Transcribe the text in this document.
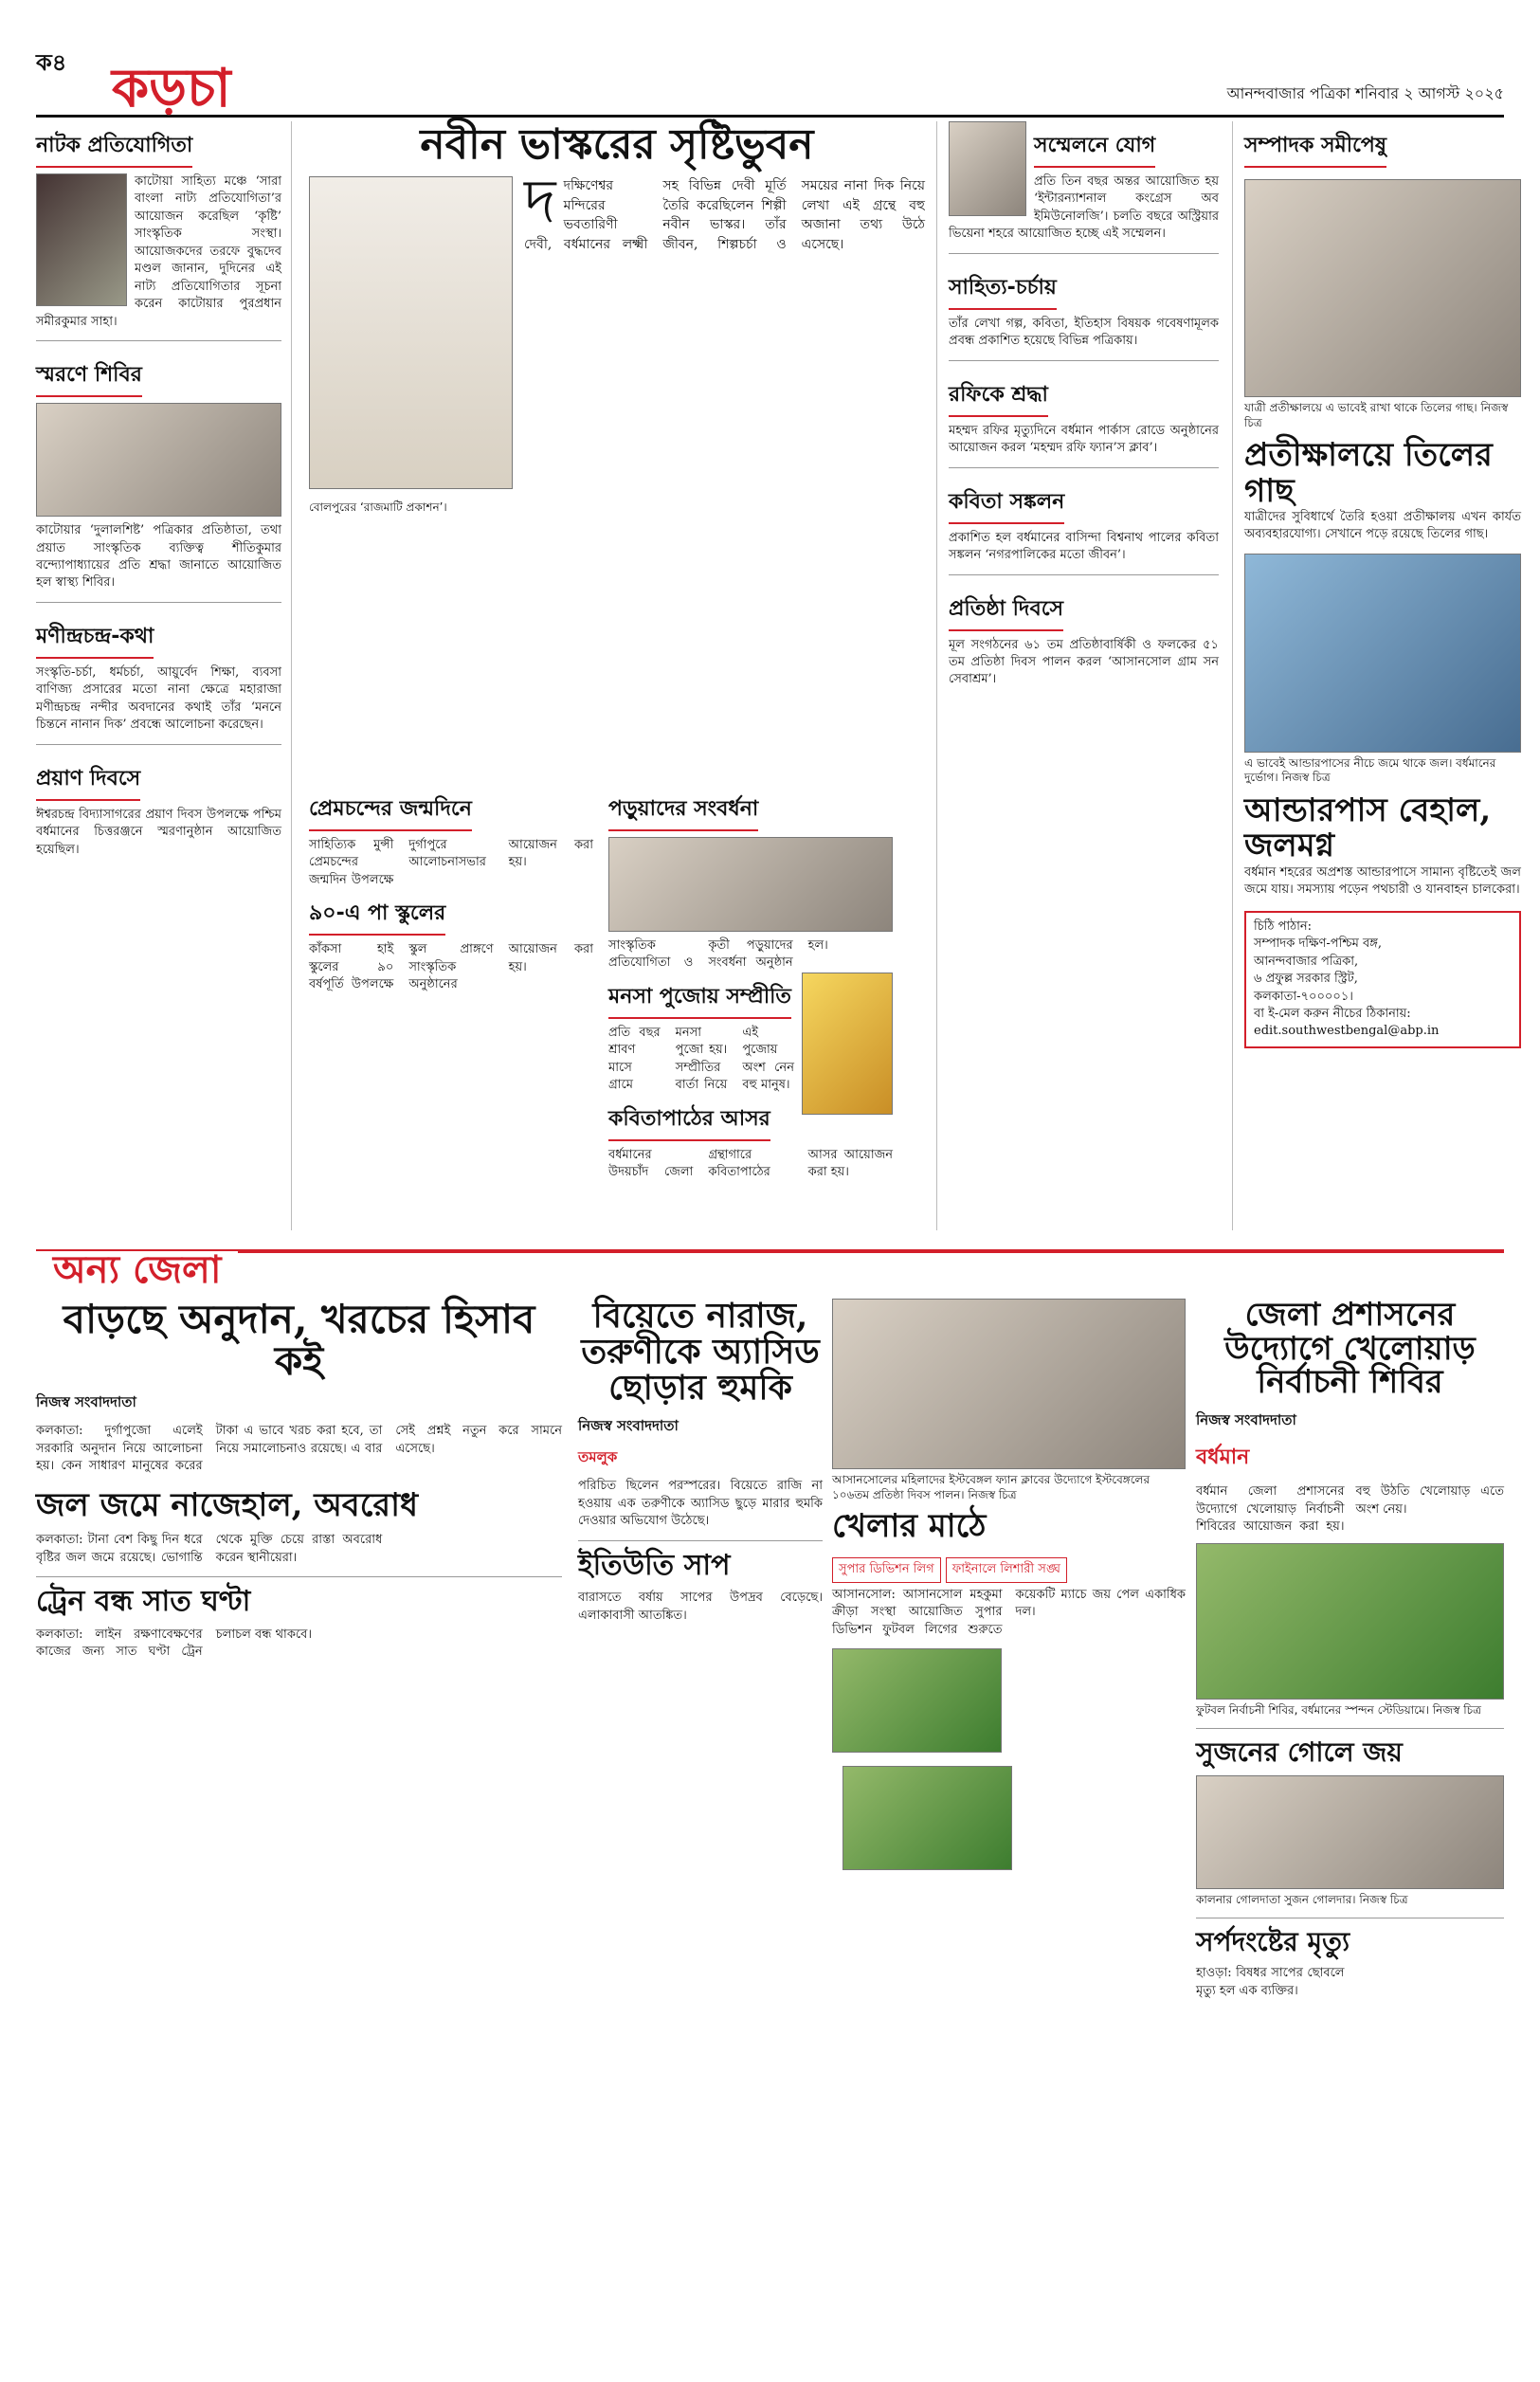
ক৪ কড়চা	আনন্দবাজার পত্রিকা শনিবার ২ আগস্ট ২০২৫
নাটক প্রতিযোগিতা
কাটোয়া সাহিত্য মঞ্চে ‘সারা বাংলা নাট্য প্রতিযোগিতা’র আয়োজন করেছিল ‘কৃষ্টি’ সাংস্কৃতিক সংস্থা। আয়োজকদের তরফে বুদ্ধদেব মণ্ডল জানান, দুদিনের এই নাট্য প্রতিযোগিতার সূচনা করেন কাটোয়ার পুরপ্রধান সমীরকুমার সাহা।
স্মরণে শিবির
কাটোয়ার ‘দুলালশিষ্ট’ পত্রিকার প্রতিষ্ঠাতা, তথা প্রয়াত সাংস্কৃতিক ব্যক্তিত্ব শীতিকুমার বন্দ্যোপাধ্যায়ের প্রতি শ্রদ্ধা জানাতে আয়োজিত হল স্বাস্থ্য শিবির।
মণীন্দ্রচন্দ্র-কথা
সংস্কৃতি-চর্চা, ধর্মচর্চা, আয়ুর্বেদ শিক্ষা, ব্যবসা বাণিজ্য প্রসারের মতো নানা ক্ষেত্রে মহারাজা মণীন্দ্রচন্দ্র নন্দীর অবদানের কথাই তাঁর ‘মননে চিন্তনে নানান দিক’ প্রবন্ধে আলোচনা করেছেন।
প্রয়াণ দিবসে
ঈশ্বরচন্দ্র বিদ্যাসাগরের প্রয়াণ দিবস উপলক্ষে পশ্চিম বর্ধমানের চিত্তরঞ্জনে স্মরণানুষ্ঠান আয়োজিত হয়েছিল।
নবীন ভাস্করের সৃষ্টিভুবন
বোলপুরের ‘রাজমাটি প্রকাশন’।
দ দক্ষিণেশ্বর মন্দিরের ভবতারিণী দেবী, বর্ধমানের লক্ষ্মী সহ বিভিন্ন দেবী মূর্তি তৈরি করেছিলেন শিল্পী নবীন ভাস্কর। তাঁর জীবন, শিল্পচর্চা ও সময়ের নানা দিক নিয়ে লেখা এই গ্রন্থে বহু অজানা তথ্য উঠে এসেছে।
প্রেমচন্দের জন্মদিনে
সাহিত্যিক মুন্সী প্রেমচন্দের জন্মদিন উপলক্ষে দুর্গাপুরে আলোচনাসভার আয়োজন করা হয়।
৯০-এ পা স্কুলের
কাঁকসা হাই স্কুলের ৯০ বর্ষপূর্তি উপলক্ষে স্কুল প্রাঙ্গণে সাংস্কৃতিক অনুষ্ঠানের আয়োজন করা হয়।
পড়ুয়াদের সংবর্ধনা
সাংস্কৃতিক প্রতিযোগিতা ও কৃতী পড়ুয়াদের সংবর্ধনা অনুষ্ঠান হল।
মনসা পুজোয় সম্প্রীতি
প্রতি বছর শ্রাবণ মাসে গ্রামে মনসা পুজো হয়। সম্প্রীতির বার্তা নিয়ে এই পুজোয় অংশ নেন বহু মানুষ।
কবিতাপাঠের আসর
বর্ধমানের উদয়চাঁদ জেলা গ্রন্থাগারে কবিতাপাঠের আসর আয়োজন করা হয়।
সম্মেলনে যোগ
প্রতি তিন বছর অন্তর আয়োজিত হয় ‘ইন্টারন্যাশনাল কংগ্রেস অব ইমিউনোলজি’। চলতি বছরে অস্ট্রিয়ার ভিয়েনা শহরে আয়োজিত হচ্ছে এই সম্মেলন।
সাহিত্য-চর্চায়
তাঁর লেখা গল্প, কবিতা, ইতিহাস বিষয়ক গবেষণামূলক প্রবন্ধ প্রকাশিত হয়েছে বিভিন্ন পত্রিকায়।
রফিকে শ্রদ্ধা
মহম্মদ রফির মৃত্যুদিনে বর্ধমান পার্কাস রোডে অনুষ্ঠানের আয়োজন করল ‘মহম্মদ রফি ফ্যান’স ক্লাব’।
কবিতা সঙ্কলন
প্রকাশিত হল বর্ধমানের বাসিন্দা বিশ্বনাথ পালের কবিতা সঙ্কলন ‘নগরপালিকের মতো জীবন’।
প্রতিষ্ঠা দিবসে
মূল সংগঠনের ৬১ তম প্রতিষ্ঠাবার্ষিকী ও ফলকের ৫১ তম প্রতিষ্ঠা দিবস পালন করল ‘আসানসোল গ্রাম সন সেবাশ্রম’।
সম্পাদক সমীপেষু
যাত্রী প্রতীক্ষালয়ে এ ভাবেই রাখা থাকে তিলের গাছ। নিজস্ব চিত্র
প্রতীক্ষালয়ে তিলের গাছ
যাত্রীদের সুবিধার্থে তৈরি হওয়া প্রতীক্ষালয় এখন কার্যত অব্যবহারযোগ্য। সেখানে পড়ে রয়েছে তিলের গাছ।
এ ভাবেই আন্ডারপাসের নীচে জমে থাকে জল। বর্ধমানের দুর্ভোগ। নিজস্ব চিত্র
আন্ডারপাস বেহাল, জলমগ্ন
বর্ধমান শহরের অপ্রশস্ত আন্ডারপাসে সামান্য বৃষ্টিতেই জল জমে যায়। সমস্যায় পড়েন পথচারী ও যানবাহন চালকেরা।
চিঠি পাঠান:
সম্পাদক দক্ষিণ-পশ্চিম বঙ্গ,
আনন্দবাজার পত্রিকা,
৬ প্রফুল্ল সরকার স্ট্রিট,
কলকাতা-৭০০০০১।
বা ই-মেল করুন নীচের ঠিকানায়:
edit.southwestbengal@abp.in
অন্য জেলা
বাড়ছে অনুদান, খরচের হিসাব কই
নিজস্ব সংবাদদাতা
কলকাতা: দুর্গাপুজো এলেই সরকারি অনুদান নিয়ে আলোচনা হয়। কেন সাধারণ মানুষের করের টাকা এ ভাবে খরচ করা হবে, তা নিয়ে সমালোচনাও রয়েছে। এ বার সেই প্রশ্নই নতুন করে সামনে এসেছে।
জল জমে নাজেহাল, অবরোধ
কলকাতা: টানা বেশ কিছু দিন ধরে বৃষ্টির জল জমে রয়েছে। ভোগান্তি থেকে মুক্তি চেয়ে রাস্তা অবরোধ করেন স্থানীয়েরা।
ট্রেন বন্ধ সাত ঘণ্টা
কলকাতা: লাইন রক্ষণাবেক্ষণের কাজের জন্য সাত ঘণ্টা ট্রেন চলাচল বন্ধ থাকবে।
বিয়েতে নারাজ, তরুণীকে অ্যাসিড ছোড়ার হুমকি
নিজস্ব সংবাদদাতা
তমলুক
পরিচিত ছিলেন পরস্পরের। বিয়েতে রাজি না হওয়ায় এক তরুণীকে অ্যাসিড ছুড়ে মারার হুমকি দেওয়ার অভিযোগ উঠেছে।
ইতিউতি সাপ
বারাসতে বর্ষায় সাপের উপদ্রব বেড়েছে। এলাকাবাসী আতঙ্কিত।
আসানসোলের মহিলাদের ইস্টবেঙ্গল ফ্যান ক্লাবের উদ্যোগে ইস্টবেঙ্গলের ১০৬তম প্রতিষ্ঠা দিবস পালন। নিজস্ব চিত্র
খেলার মাঠে
সুপার ডিভিশন লিগ ফাইনালে লিশারী সঙ্ঘ
আসানসোল: আসানসোল মহকুমা ক্রীড়া সংস্থা আয়োজিত সুপার ডিভিশন ফুটবল লিগের শুরুতে কয়েকটি ম্যাচে জয় পেল একাধিক দল।

জেলা প্রশাসনের উদ্যোগে খেলোয়াড় নির্বাচনী শিবির
নিজস্ব সংবাদদাতা
বর্ধমান
বর্ধমান জেলা প্রশাসনের উদ্যোগে খেলোয়াড় নির্বাচনী শিবিরের আয়োজন করা হয়। বহু উঠতি খেলোয়াড় এতে অংশ নেয়।
ফুটবল নির্বাচনী শিবির, বর্ধমানের স্পন্দন স্টেডিয়ামে। নিজস্ব চিত্র
সুজনের গোলে জয়
কালনার গোলদাতা সুজন গোলদার। নিজস্ব চিত্র
সর্পদংষ্টের মৃত্যু
হাওড়া: বিষধর সাপের ছোবলে মৃত্যু হল এক ব্যক্তির।
